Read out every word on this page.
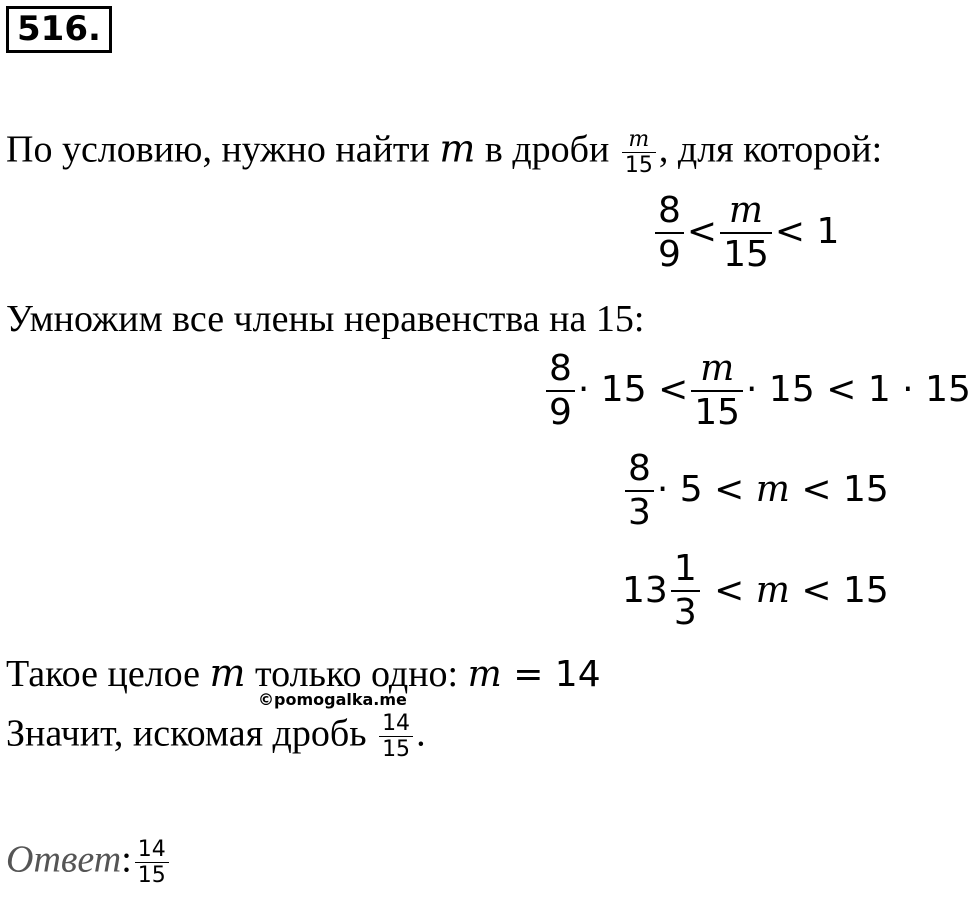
516.
По условию, нужно найти m в дроби $\frac{m}{15}$ , для которой:
$\frac{8}{9} < \frac{m}{15} < 1$
Умножим все члены неравенства на 15:
$\frac{8}{9} \cdot 15 < \frac{m}{15} \cdot 15 < 1 \cdot 15$
$\frac{8}{3} \cdot 5 < m < 15$
$13 \frac{1}{3} < m < 15$
Такое целое m только одно: m = 14
©pomogalka.me
Значит, искомая дробь $\frac{14}{15}$ .
Ответ: $\frac{14}{15}$
